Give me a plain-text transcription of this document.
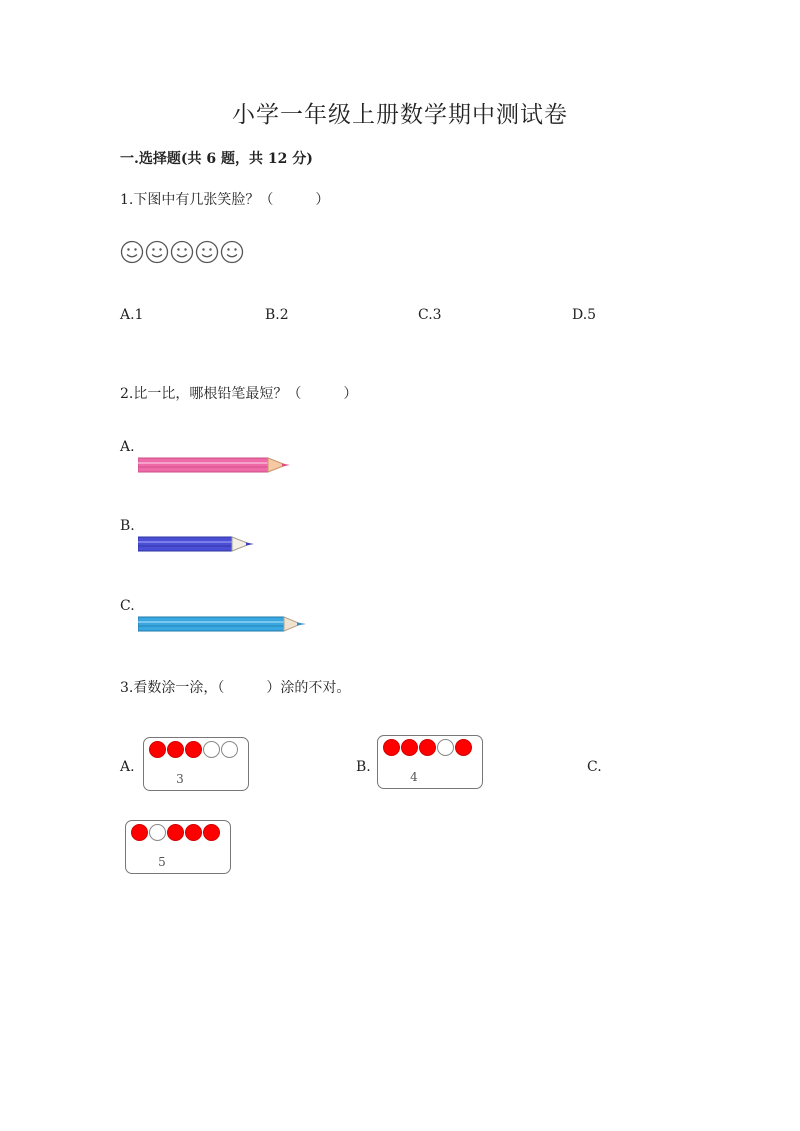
小学一年级上册数学期中测试卷
一.选择题(共 6 题，共 12 分)
1.下图中有几张笑脸？（　　　）
A.1	B.2	C.3	D.5
2.比一比，哪根铅笔最短？（　　　）
A.
B.
C.
3.看数涂一涂，（　　　）涂的不对。
A.	B.	C.
3	4
5
